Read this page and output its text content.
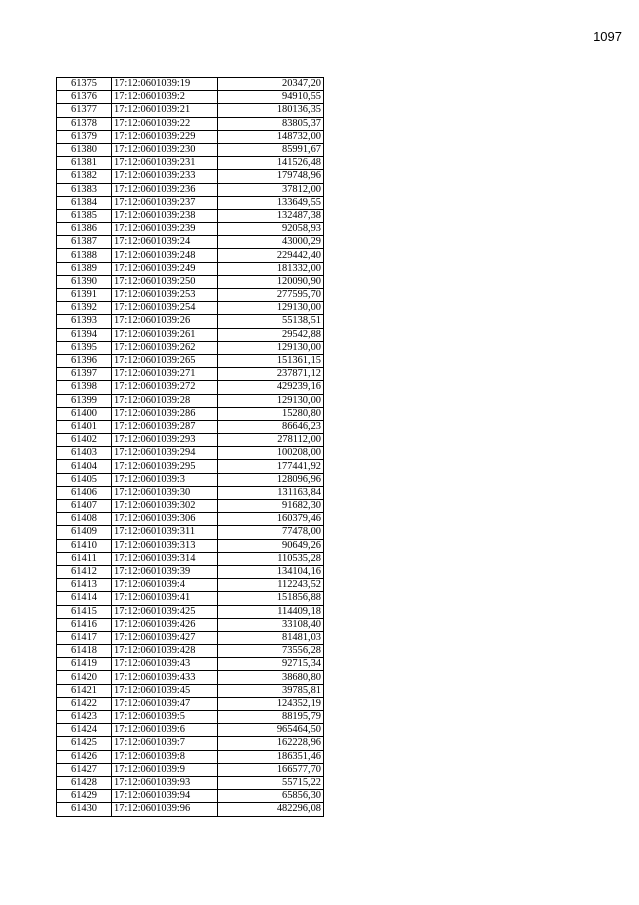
1097
61375	17:12:0601039:19	20347,20
61376	17:12:0601039:2	94910,55
61377	17:12:0601039:21	180136,35
61378	17:12:0601039:22	83805,37
61379	17:12:0601039:229	148732,00
61380	17:12:0601039:230	85991,67
61381	17:12:0601039:231	141526,48
61382	17:12:0601039:233	179748,96
61383	17:12:0601039:236	37812,00
61384	17:12:0601039:237	133649,55
61385	17:12:0601039:238	132487,38
61386	17:12:0601039:239	92058,93
61387	17:12:0601039:24	43000,29
61388	17:12:0601039:248	229442,40
61389	17:12:0601039:249	181332,00
61390	17:12:0601039:250	120090,90
61391	17:12:0601039:253	277595,70
61392	17:12:0601039:254	129130,00
61393	17:12:0601039:26	55138,51
61394	17:12:0601039:261	29542,88
61395	17:12:0601039:262	129130,00
61396	17:12:0601039:265	151361,15
61397	17:12:0601039:271	237871,12
61398	17:12:0601039:272	429239,16
61399	17:12:0601039:28	129130,00
61400	17:12:0601039:286	15280,80
61401	17:12:0601039:287	86646,23
61402	17:12:0601039:293	278112,00
61403	17:12:0601039:294	100208,00
61404	17:12:0601039:295	177441,92
61405	17:12:0601039:3	128096,96
61406	17:12:0601039:30	131163,84
61407	17:12:0601039:302	91682,30
61408	17:12:0601039:306	160379,46
61409	17:12:0601039:311	77478,00
61410	17:12:0601039:313	90649,26
61411	17:12:0601039:314	110535,28
61412	17:12:0601039:39	134104,16
61413	17:12:0601039:4	112243,52
61414	17:12:0601039:41	151856,88
61415	17:12:0601039:425	114409,18
61416	17:12:0601039:426	33108,40
61417	17:12:0601039:427	81481,03
61418	17:12:0601039:428	73556,28
61419	17:12:0601039:43	92715,34
61420	17:12:0601039:433	38680,80
61421	17:12:0601039:45	39785,81
61422	17:12:0601039:47	124352,19
61423	17:12:0601039:5	88195,79
61424	17:12:0601039:6	965464,50
61425	17:12:0601039:7	162228,96
61426	17:12:0601039:8	186351,46
61427	17:12:0601039:9	166577,70
61428	17:12:0601039:93	55715,22
61429	17:12:0601039:94	65856,30
61430	17:12:0601039:96	482296,08
